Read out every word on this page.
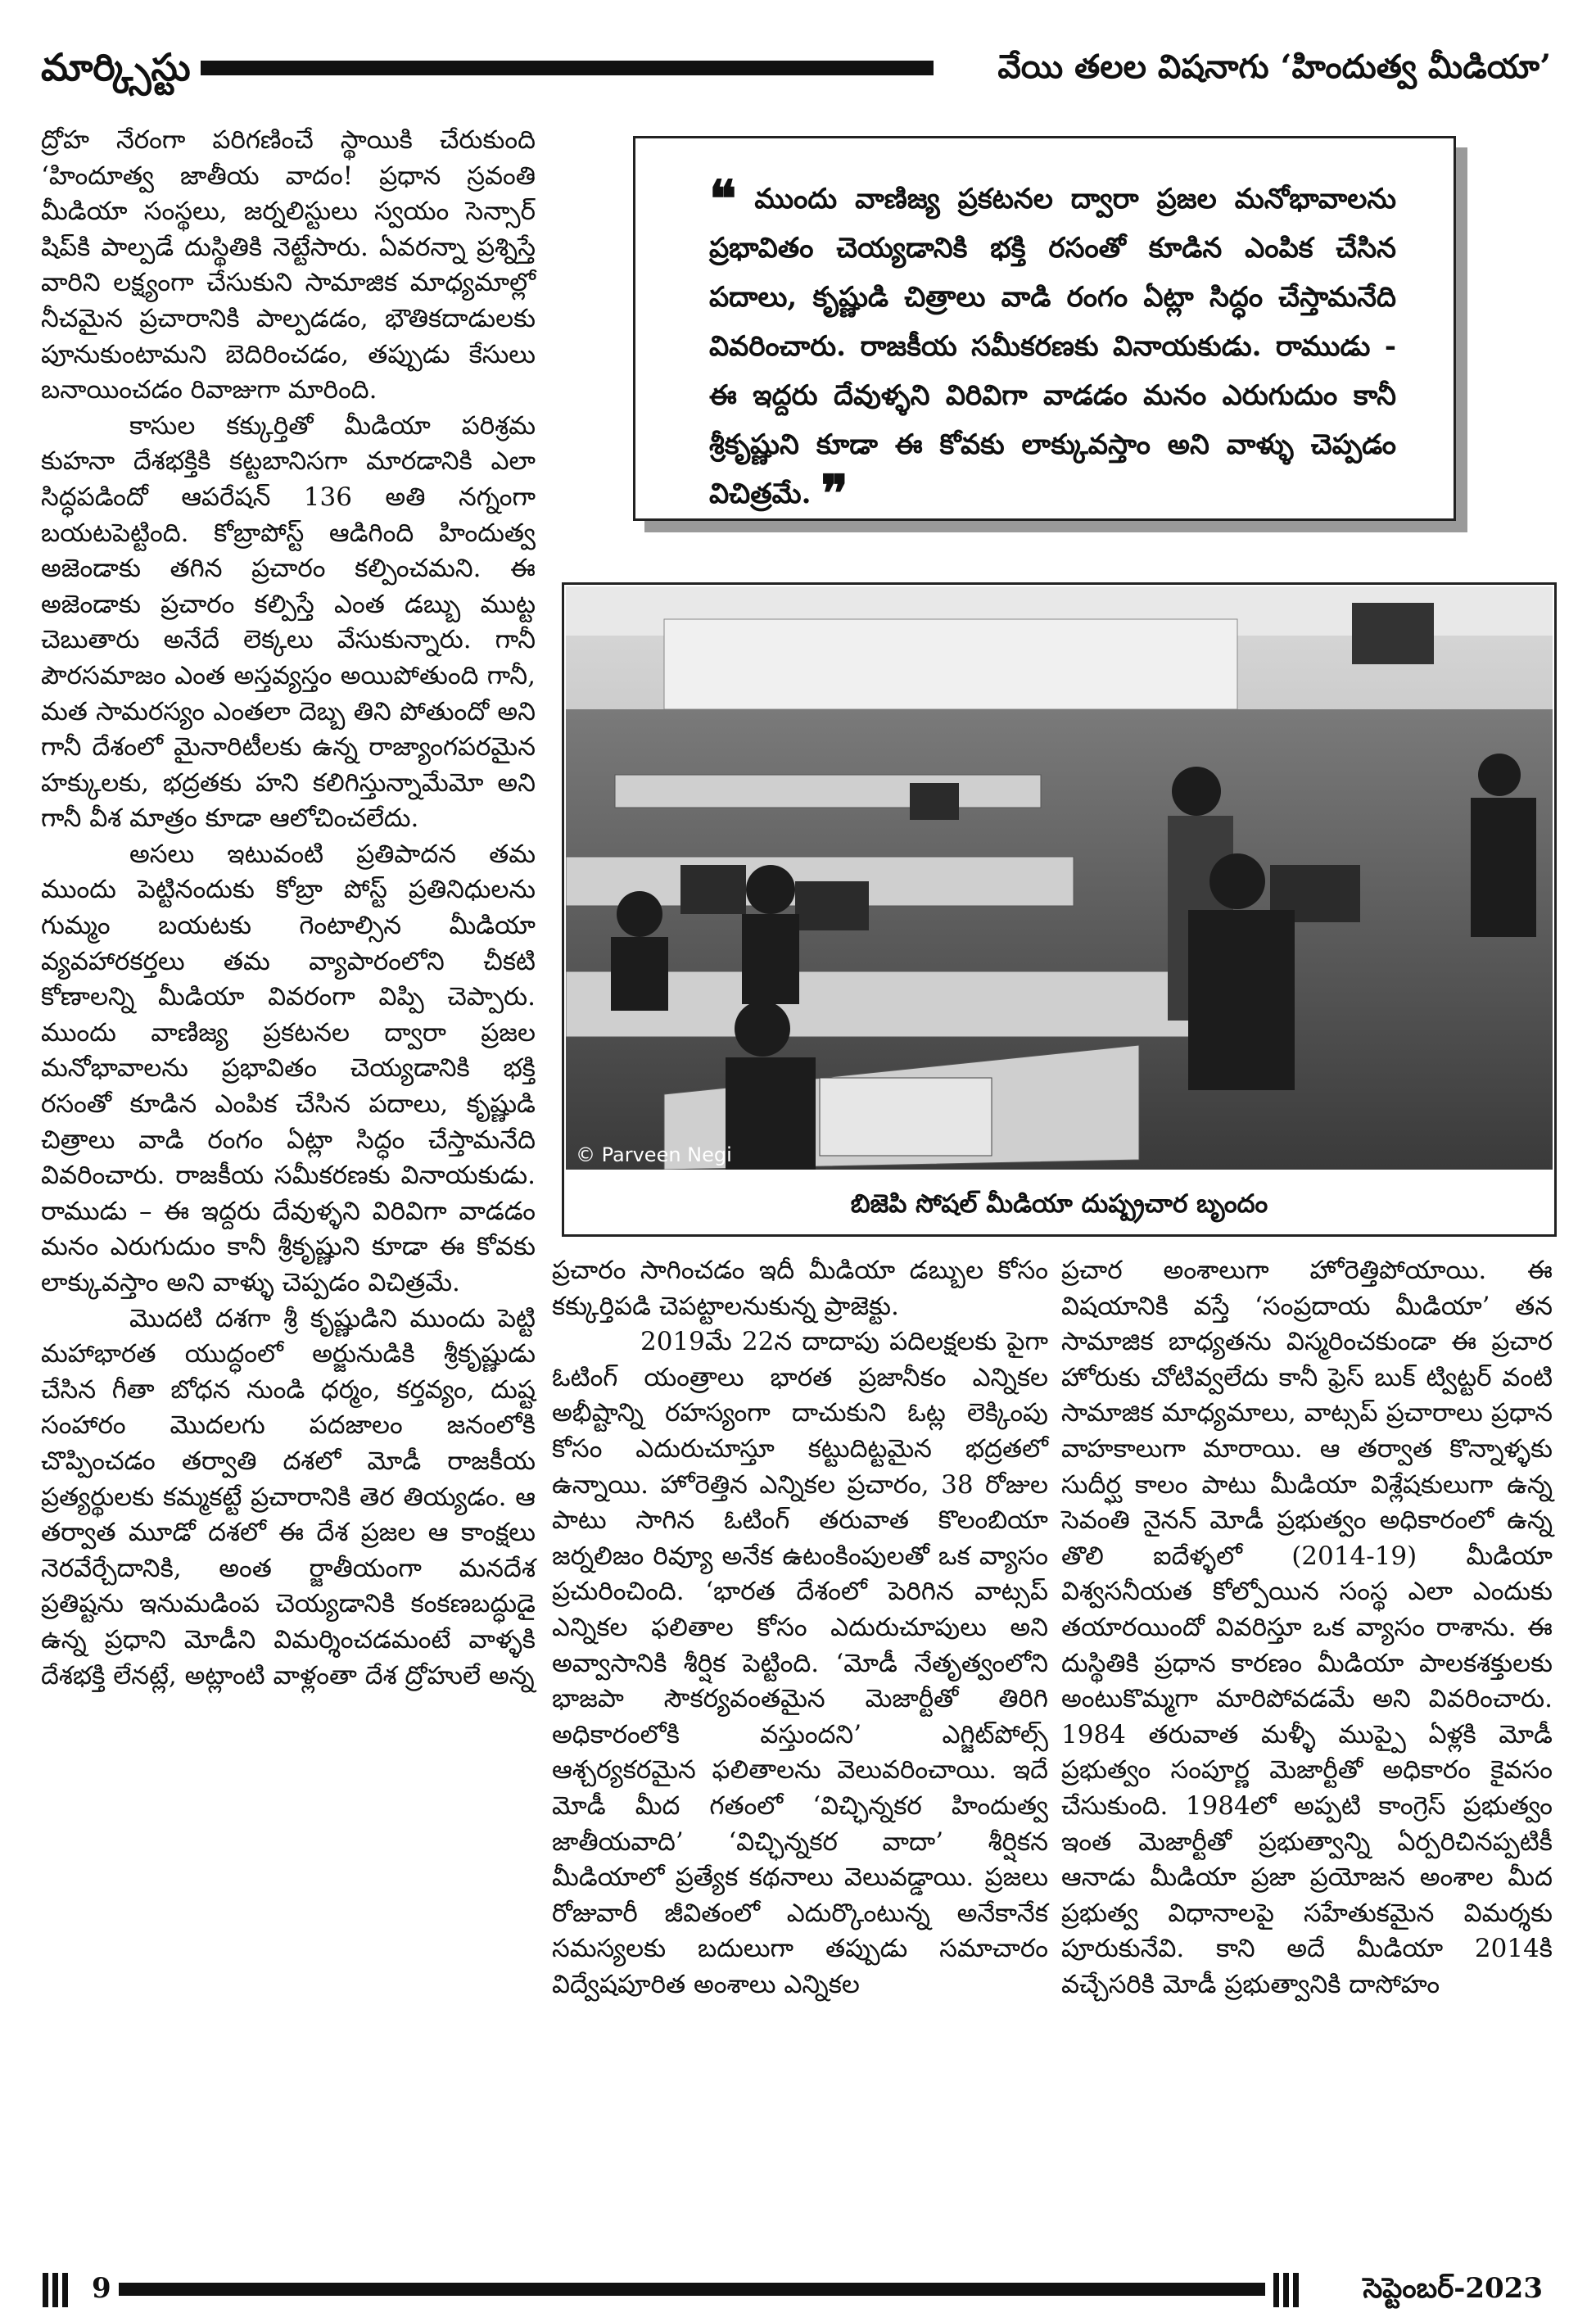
మార్క్సిస్టు	వేయి తలల విషనాగు ‘హిందుత్వ మీడియా’

ద్రోహ నేరంగా పరిగణించే స్థాయికి చేరుకుంది ‘హిందూత్వ జాతీయ వాదం! ప్రధాన స్రవంతి మీడియా సంస్థలు, జర్నలిస్టులు స్వయం సెన్సార్ షిప్‌కి పాల్పడే దుస్థితికి నెట్టేసారు. ఏవరన్నా ప్రశ్నిస్తే వారిని లక్ష్యంగా చేసుకుని సామాజిక మాధ్యమాల్లో నీచమైన ప్రచారానికి పాల్పడడం, భౌతికదాడులకు పూనుకుంటామని బెదిరించడం, తప్పుడు కేసులు బనాయించడం రివాజుగా మారింది.

కాసుల కక్కుర్తితో మీడియా పరిశ్రమ కుహనా దేశభక్తికి కట్టబానిసగా మారడానికి ఎలా సిద్ధపడిందో ఆపరేషన్ 136 అతి నగ్నంగా బయటపెట్టింది. కోబ్రాపోస్ట్ ఆడిగింది హిందుత్వ అజెండాకు తగిన ప్రచారం కల్పించమని. ఈ అజెండాకు ప్రచారం కల్పిస్తే ఎంత డబ్బు ముట్ట చెబుతారు అనేదే లెక్కలు వేసుకున్నారు. గానీ పౌరసమాజం ఎంత అస్తవ్యస్తం అయిపోతుంది గానీ, మత సామరస్యం ఎంతలా దెబ్బ తిని పోతుందో అని గానీ దేశంలో మైనారిటీలకు ఉన్న రాజ్యాంగపరమైన హక్కులకు, భద్రతకు హని కలిగిస్తున్నామేమో అని గానీ వీశ మాత్రం కూడా ఆలోచించలేదు.

అసలు ఇటువంటి ప్రతిపాదన తమ ముందు పెట్టినందుకు కోబ్రా పోస్ట్ ప్రతినిధులను గుమ్మం బయటకు గెంటాల్సిన మీడియా వ్యవహారకర్తలు తమ వ్యాపారంలోని చీకటి కోణాలన్ని మీడియా వివరంగా విప్పి చెప్పారు. ముందు వాణిజ్య ప్రకటనల ద్వారా ప్రజల మనోభావాలను ప్రభావితం చెయ్యడానికి భక్తి రసంతో కూడిన ఎంపిక చేసిన పదాలు, కృష్ణుడి చిత్రాలు వాడి రంగం ఏట్లా సిద్ధం చేస్తామనేది వివరించారు. రాజకీయ సమీకరణకు వినాయకుడు. రాముడు – ఈ ఇద్దరు దేవుళ్ళని విరివిగా వాడడం మనం ఎరుగుదుం కానీ శ్రీకృష్ణుని కూడా ఈ కోవకు లాక్కువస్తాం అని వాళ్ళు చెప్పడం విచిత్రమే.

మొదటి దశగా శ్రీ కృష్ణుడిని ముందు పెట్టి మహాభారత యుద్ధంలో అర్జునుడికి శ్రీకృష్ణుడు చేసిన గీతా బోధన నుండి ధర్మం, కర్తవ్యం, దుష్ట సంహారం మొదలగు పదజాలం జనంలోకి చొప్పించడం తర్వాతి దశలో మోడీ రాజకీయ ప్రత్యర్థులకు కమ్మకట్టే ప్రచారానికి తెర తియ్యడం. ఆ తర్వాత మూడో దశలో ఈ దేశ ప్రజల ఆ కాంక్షలు నెరవేర్చేదానికి, అంత ర్జాతీయంగా మనదేశ ప్రతిష్టను ఇనుమడింప చెయ్యడానికి కంకణబద్ధుడై ఉన్న ప్రధాని మోడీని విమర్శించడమంటే వాళ్ళకి దేశభక్తి లేనట్లే, అట్లాంటి వాళ్లంతా దేశ ద్రోహులే అన్న

❝ ముందు వాణిజ్య ప్రకటనల ద్వారా ప్రజల మనోభావాలను ప్రభావితం చెయ్యడానికి భక్తి రసంతో కూడిన ఎంపిక చేసిన పదాలు, కృష్ణుడి చిత్రాలు వాడి రంగం ఏట్లా సిద్ధం చేస్తామనేది వివరించారు. రాజకీయ సమీకరణకు వినాయకుడు. రాముడు - ఈ ఇద్దరు దేవుళ్ళని విరివిగా వాడడం మనం ఎరుగుదుం కానీ శ్రీకృష్ణుని కూడా ఈ కోవకు లాక్కువస్తాం అని వాళ్ళు చెప్పడం విచిత్రమే. ❞
© Parveen Negi
బిజెపి సోషల్ మీడియా దుష్ప్రచార బృందం

ప్రచారం సాగించడం ఇదీ మీడియా డబ్బుల కోసం కక్కుర్తిపడి చెపట్టాలనుకున్న ప్రాజెక్టు.

2019మే 22న దాదాపు పదిలక్షలకు పైగా ఓటింగ్ యంత్రాలు భారత ప్రజానీకం ఎన్నికల అభీష్టాన్ని రహస్యంగా దాచుకుని ఓట్ల లెక్కింపు కోసం ఎదురుచూస్తూ కట్టుదిట్టమైన భద్రతలో ఉన్నాయి. హోరెత్తిన ఎన్నికల ప్రచారం, 38 రోజుల పాటు సాగిన ఓటింగ్ తరువాత కొలంబియా జర్నలిజం రివ్యూ అనేక ఉటంకింపులతో ఒక వ్యాసం ప్రచురించింది. ‘భారత దేశంలో పెరిగిన వాట్సప్ ఎన్నికల ఫలితాల కోసం ఎదురుచూపులు అని అవ్వాసానికి శీర్షిక పెట్టింది. ‘మోడీ నేతృత్వంలోని భాజపా సౌకర్యవంతమైన మెజార్టీతో తిరిగి అధికారంలోకి వస్తుందని’ ఎగ్జిట్‌పోల్స్ ఆశ్చర్యకరమైన ఫలితాలను వెలువరించాయి. ఇదే మోడీ మీద గతంలో ‘విచ్ఛిన్నకర హిందుత్వ జాతీయవాది’ ‘విచ్ఛిన్నకర వాదా’ శీర్షికన మీడియాలో ప్రత్యేక కథనాలు వెలువడ్డాయి. ప్రజలు రోజువారీ జీవితంలో ఎదుర్కొంటున్న అనేకానేక సమస్యలకు బదులుగా తప్పుడు సమాచారం విద్వేషపూరిత అంశాలు ఎన్నికల

ప్రచార అంశాలుగా హోరెత్తిపోయాయి. ఈ విషయానికి వస్తే ‘సంప్రదాయ మీడియా’ తన సామాజిక బాధ్యతను విస్మరించకుండా ఈ ప్రచార హోరుకు చోటివ్వలేదు కానీ ఫ్రెస్ బుక్ ట్విట్టర్ వంటి సామాజిక మాధ్యమాలు, వాట్సప్ ప్రచారాలు ప్రధాన వాహకాలుగా మారాయి. ఆ తర్వాత కొన్నాళ్ళకు సుదీర్ఘ కాలం పాటు మీడియా విశ్లేషకులుగా ఉన్న సెవంతి నైనన్ మోడీ ప్రభుత్వం అధికారంలో ఉన్న తొలి ఐదేళ్ళలో (2014-19) మీడియా విశ్వసనీయత కోల్పోయిన సంస్థ ఎలా ఎందుకు తయారయిందో వివరిస్తూ ఒక వ్యాసం రాశాను. ఈ దుస్థితికి ప్రధాన కారణం మీడియా పాలకశక్తులకు అంటుకొమ్మగా మారిపోవడమే అని వివరించారు. 1984 తరువాత మళ్ళీ ముప్పై ఏళ్లకి మోడీ ప్రభుత్వం సంపూర్ణ మెజార్టీతో అధికారం కైవసం చేసుకుంది. 1984లో అప్పటి కాంగ్రెస్ ప్రభుత్వం ఇంత మెజార్టీతో ప్రభుత్వాన్ని ఏర్పరిచినప్పటికీ ఆనాడు మీడియా ప్రజా ప్రయోజన అంశాల మీద ప్రభుత్వ విధానాలపై సహేతుకమైన విమర్శకు పూరుకునేవి. కాని అదే మీడియా 2014కి వచ్చేసరికి మోడీ ప్రభుత్వానికి దాసోహం

9	సెప్టెంబర్-2023
